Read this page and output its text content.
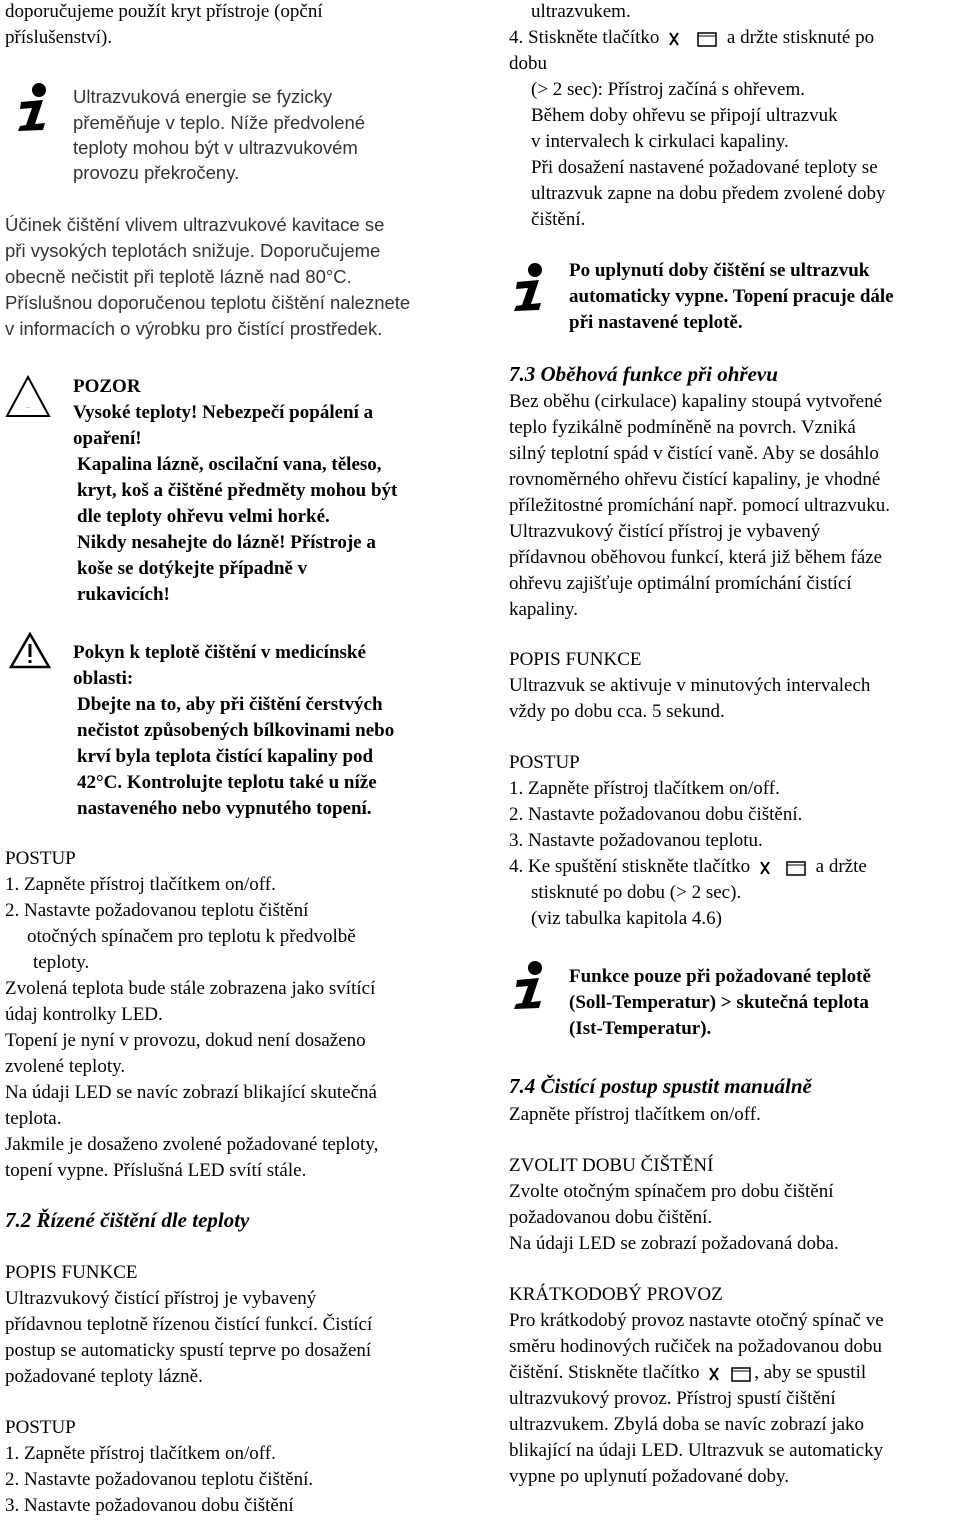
doporučujeme použít kryt přístroje (opční
příslušenství).
Ultrazvuková energie se fyzicky
přeměňuje v teplo. Níže předvolené
teploty mohou být v ultrazvukovém
provozu překročeny.
Účinek čištění vlivem ultrazvukové kavitace se
při vysokých teplotách snižuje. Doporučujeme
obecně nečistit při teplotě lázně nad 80°C.
Příslušnou doporučenou teplotu čištění naleznete
v informacích o výrobku pro čistící prostředek.
~
POZOR
Vysoké teploty! Nebezpečí popálení a
opaření!
Kapalina lázně, oscilační vana, těleso,
kryt, koš a čištěné předměty mohou být
dle teploty ohřevu velmi horké.
Nikdy nesahejte do lázně! Přístroje a
koše se dotýkejte případně v
rukavicích!
Pokyn k teplotě čištění v medicínské
oblasti:
Dbejte na to, aby při čištění čerstvých
nečistot způsobených bílkovinami nebo
krví byla teplota čistící kapaliny pod
42°C. Kontrolujte teplotu také u níže
nastaveného nebo vypnutého topení.
POSTUP
1. Zapněte přístroj tlačítkem on/off.
2. Nastavte požadovanou teplotu čištění
otočných spínačem pro teplotu k předvolbě
teploty.
Zvolená teplota bude stále zobrazena jako svítící
údaj kontrolky LED.
Topení je nyní v provozu, dokud není dosaženo
zvolené teploty.
Na údaji LED se navíc zobrazí blikající skutečná
teplota.
Jakmile je dosaženo zvolené požadované teploty,
topení vypne. Příslušná LED svítí stále.
7.2 Řízené čištění dle teploty
POPIS FUNKCE
Ultrazvukový čistící přístroj je vybavený
přídavnou teplotně řízenou čistící funkcí. Čistící
postup se automaticky spustí teprve po dosažení
požadované teploty lázně.
POSTUP
1. Zapněte přístroj tlačítkem on/off.
2. Nastavte požadovanou teplotu čištění.
3. Nastavte požadovanou dobu čištění
ultrazvukem.
4. Stiskněte tlačítko	a držte stisknuté po
dobu
(> 2 sec): Přístroj začíná s ohřevem.
Během doby ohřevu se připojí ultrazvuk
v intervalech k cirkulaci kapaliny.
Při dosažení nastavené požadované teploty se
ultrazvuk zapne na dobu předem zvolené doby
čištění.
Po uplynutí doby čištění se ultrazvuk
automaticky vypne. Topení pracuje dále
při nastavené teplotě.
7.3 Oběhová funkce při ohřevu
Bez oběhu (cirkulace) kapaliny stoupá vytvořené
teplo fyzikálně podmíněně na povrch. Vzniká
silný teplotní spád v čistící vaně. Aby se dosáhlo
rovnoměrného ohřevu čistící kapaliny, je vhodné
příležitostné promíchání např. pomocí ultrazvuku.
Ultrazvukový čistící přístroj je vybavený
přídavnou oběhovou funkcí, která již během fáze
ohřevu zajišťuje optimální promíchání čistící
kapaliny.
POPIS FUNKCE
Ultrazvuk se aktivuje v minutových intervalech
vždy po dobu cca. 5 sekund.
POSTUP
1. Zapněte přístroj tlačítkem on/off.
2. Nastavte požadovanou dobu čištění.
3. Nastavte požadovanou teplotu.
4. Ke spuštění stiskněte tlačítko	a držte
stisknuté po dobu (> 2 sec).
(viz tabulka kapitola 4.6)
Funkce pouze při požadované teplotě
(Soll-Temperatur) > skutečná teplota
(Ist-Temperatur).
7.4 Čistící postup spustit manuálně
Zapněte přístroj tlačítkem on/off.
ZVOLIT DOBU ČIŠTĚNÍ
Zvolte otočným spínačem pro dobu čištění
požadovanou dobu čištění.
Na údaji LED se zobrazí požadovaná doba.
KRÁTKODOBÝ PROVOZ
Pro krátkodobý provoz nastavte otočný spínač ve
směru hodinových ručiček na požadovanou dobu
čištění. Stiskněte tlačítko	, aby se spustil
ultrazvukový provoz. Přístroj spustí čištění
ultrazvukem. Zbylá doba se navíc zobrazí jako
blikající na údaji LED. Ultrazvuk se automaticky
vypne po uplynutí požadované doby.
